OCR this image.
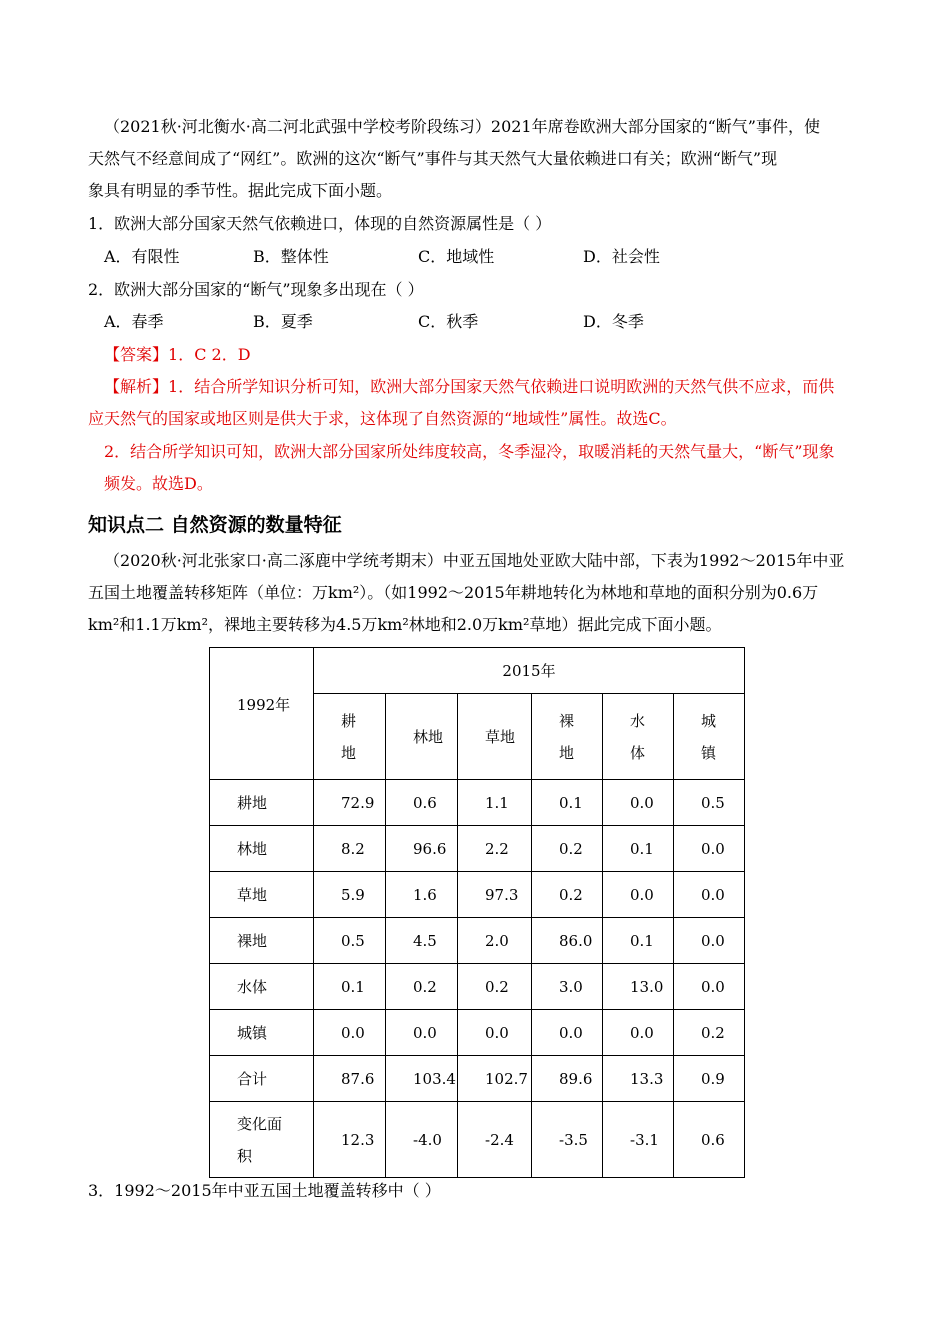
（2021秋·河北衡水·高二河北武强中学校考阶段练习）2021年席卷欧洲大部分国家的“断气”事件，使
天然气不经意间成了“网红”。欧洲的这次“断气”事件与其天然气大量依赖进口有关；欧洲“断气”现
象具有明显的季节性。据此完成下面小题。
1．欧洲大部分国家天然气依赖进口，体现的自然资源属性是（ ）
A．有限性	B．整体性	C．地域性	D．社会性
2．欧洲大部分国家的“断气”现象多出现在（ ）
A．春季	B．夏季	C．秋季	D．冬季
【答案】1．C 2．D
【解析】1．结合所学知识分析可知，欧洲大部分国家天然气依赖进口说明欧洲的天然气供不应求，而供
应天然气的国家或地区则是供大于求，这体现了自然资源的“地域性”属性。故选C。
2．结合所学知识可知，欧洲大部分国家所处纬度较高，冬季湿冷，取暖消耗的天然气量大，“断气”现象
频发。故选D。
知识点二 自然资源的数量特征
（2020秋·河北张家口·高二涿鹿中学统考期末）中亚五国地处亚欧大陆中部，下表为1992～2015年中亚
五国土地覆盖转移矩阵（单位：万km²）。（如1992～2015年耕地转化为林地和草地的面积分别为0.6万
km²和1.1万km²，裸地主要转移为4.5万km²林地和2.0万km²草地）据此完成下面小题。
1992年	2015年					

	耕
地	林地	草地	裸
地	水
体	城
镇

耕地	72.9	0.6	1.1	0.1	0.0	0.5

林地	8.2	96.6	2.2	0.2	0.1	0.0

草地	5.9	1.6	97.3	0.2	0.0	0.0

裸地	0.5	4.5	2.0	86.0	0.1	0.0

水体	0.1	0.2	0.2	3.0	13.0	0.0

城镇	0.0	0.0	0.0	0.0	0.0	0.2

合计	87.6	103.4	102.7	89.6	13.3	0.9

变化面
积	12.3	-4.0	-2.4	-3.5	-3.1	0.6
3．1992～2015年中亚五国土地覆盖转移中（ ）
